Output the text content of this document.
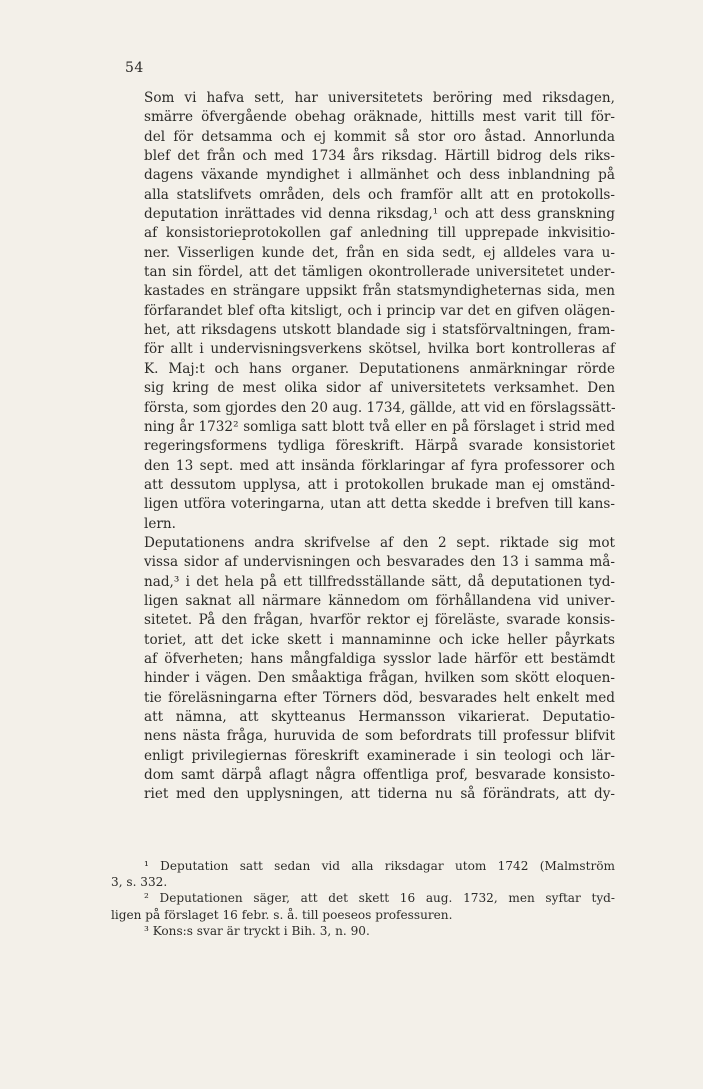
54

Som vi hafva sett, har universitetets beröring med riksdagen,
smärre öfvergående obehag oräknade, hittills mest varit till för-
del för detsamma och ej kommit så stor oro åstad. Annorlunda
blef det från och med 1734 års riksdag. Härtill bidrog dels riks-
dagens växande myndighet i allmänhet och dess inblandning på
alla statslifvets områden, dels och framför allt att en protokolls-
deputation inrättades vid denna riksdag,¹ och att dess granskning
af konsistorieprotokollen gaf anledning till upprepade inkvisitio-
ner. Visserligen kunde det, från en sida sedt, ej alldeles vara u-
tan sin fördel, att det tämligen okontrollerade universitetet under-
kastades en strängare uppsikt från statsmyndigheternas sida, men
förfarandet blef ofta kitsligt, och i princip var det en gifven olägen-
het, att riksdagens utskott blandade sig i statsförvaltningen, fram-
för allt i undervisningsverkens skötsel, hvilka bort kontrolleras af
K. Maj:t och hans organer. Deputationens anmärkningar rörde
sig kring de mest olika sidor af universitetets verksamhet. Den
första, som gjordes den 20 aug. 1734, gällde, att vid en förslagssätt-
ning år 1732² somliga satt blott två eller en på förslaget i strid med
regeringsformens tydliga föreskrift. Härpå svarade konsistoriet
den 13 sept. med att insända förklaringar af fyra professorer och
att dessutom upplysa, att i protokollen brukade man ej omständ-
ligen utföra voteringarna, utan att detta skedde i brefven till kans-
lern.

Deputationens andra skrifvelse af den 2 sept. riktade sig mot
vissa sidor af undervisningen och besvarades den 13 i samma må-
nad,³ i det hela på ett tillfredsställande sätt, då deputationen tyd-
ligen saknat all närmare kännedom om förhållandena vid univer-
sitetet. På den frågan, hvarför rektor ej föreläste, svarade konsis-
toriet, att det icke skett i mannaminne och icke heller påyrkats
af öfverheten; hans mångfaldiga sysslor lade härför ett bestämdt
hinder i vägen. Den småaktiga frågan, hvilken som skött eloquen-
tie föreläsningarna efter Törners död, besvarades helt enkelt med
att nämna, att skytteanus Hermansson vikarierat. Deputatio-
nens nästa fråga, huruvida de som befordrats till professur blifvit
enligt privilegiernas föreskrift examinerade i sin teologi och lär-
dom samt därpå aflagt några offentliga prof, besvarade konsisto-
riet med den upplysningen, att tiderna nu så förändrats, att dy-

¹ Deputation satt sedan vid alla riksdagar utom 1742 (Malmström
3, s. 332.
² Deputationen säger, att det skett 16 aug. 1732, men syftar tyd-
ligen på förslaget 16 febr. s. å. till poeseos professuren.
³ Kons:s svar är tryckt i Bih. 3, n. 90.
